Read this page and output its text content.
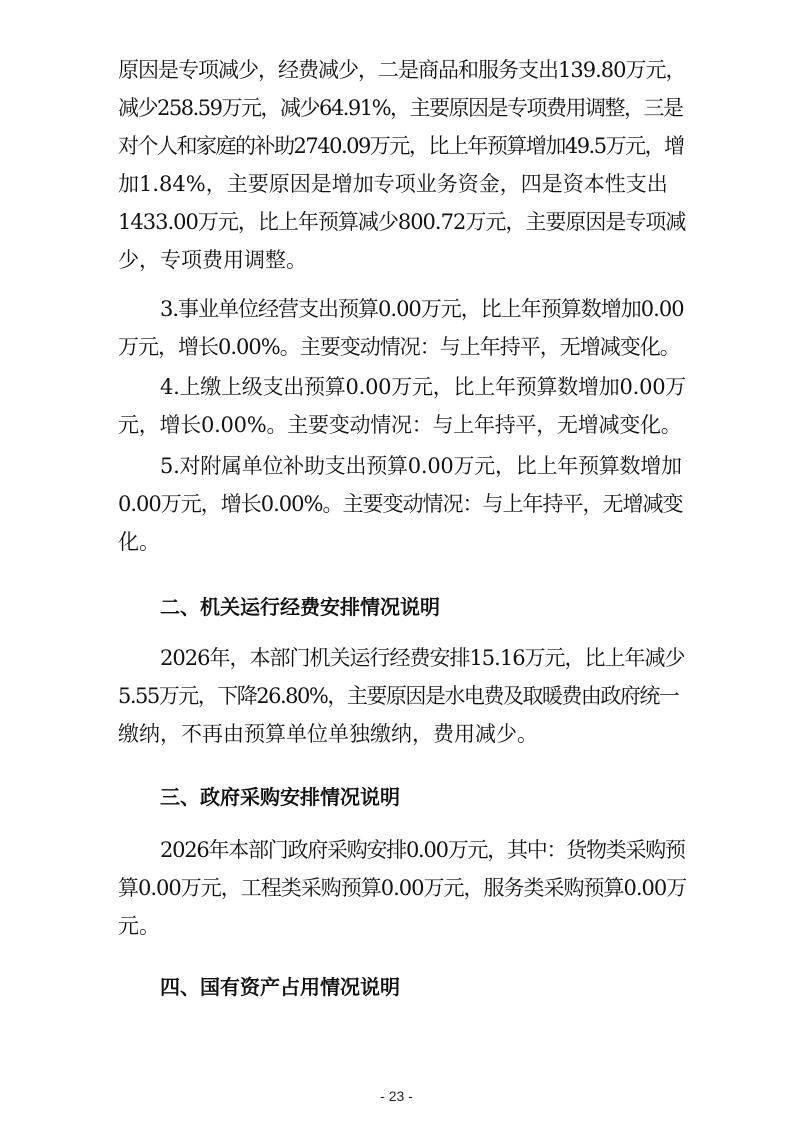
原因是专项减少，经费减少，二是商品和服务支出139.80万元，
减少258.59万元，减少64.91%，主要原因是专项费用调整，三是
对个人和家庭的补助2740.09万元，比上年预算增加49.5万元，增
加1.84%，主要原因是增加专项业务资金，四是资本性支出
1433.00万元，比上年预算减少800.72万元，主要原因是专项减
少，专项费用调整。
3.事业单位经营支出预算0.00万元，比上年预算数增加0.00
万元，增长0.00%。主要变动情况：与上年持平，无增减变化。
4.上缴上级支出预算0.00万元，比上年预算数增加0.00万
元，增长0.00%。主要变动情况：与上年持平，无增减变化。
5.对附属单位补助支出预算0.00万元，比上年预算数增加
0.00万元，增长0.00%。主要变动情况：与上年持平，无增减变
化。
二、机关运行经费安排情况说明
2026年，本部门机关运行经费安排15.16万元，比上年减少
5.55万元，下降26.80%，主要原因是水电费及取暖费由政府统一
缴纳，不再由预算单位单独缴纳，费用减少。
三、政府采购安排情况说明
2026年本部门政府采购安排0.00万元，其中：货物类采购预
算0.00万元，工程类采购预算0.00万元，服务类采购预算0.00万
元。
四、国有资产占用情况说明
- 23 -
